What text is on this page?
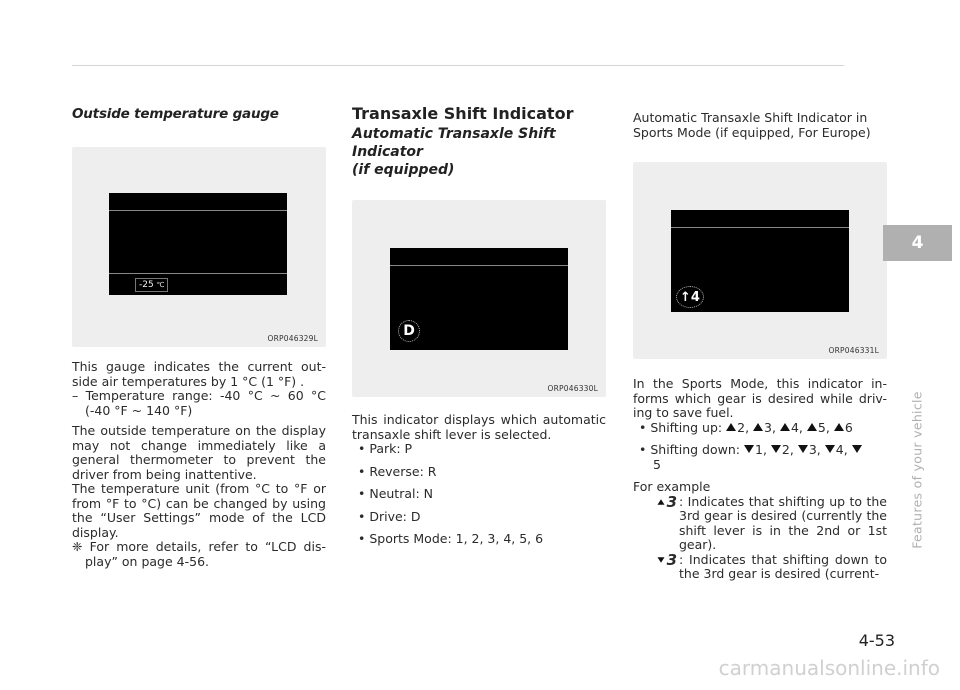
Outside temperature gauge
-25 ℃
ORP046329L

This gauge indicates the current out-side air temperatures by 1 °C (1 °F) .

– Temperature range: -40 °C ~ 60 °C (-40 °F ~ 140 °F)

The outside temperature on the display may not change immediately like a general thermometer to prevent the driver from being inattentive.

The temperature unit (from °C to °F or from °F to °C) can be changed by using the “User Settings” mode of the LCD display.

❈ For more details, refer to “LCD dis-play” on page 4-56.

Transaxle Shift Indicator
Automatic Transaxle Shift Indicator
(if equipped)
D
ORP046330L

This indicator displays which automatic transaxle shift lever is selected.

• Park: P

• Reverse: R

• Neutral: N

• Drive: D

• Sports Mode: 1, 2, 3, 4, 5, 6

Automatic Transaxle Shift Indicator in

Sports Mode (if equipped, For Europe)

↑4
ORP046331L

In the Sports Mode, this indicator in-forms which gear is desired while driv-ing to save fuel.

• Shifting up: 2, 3, 4, 5, 6

• Shifting down: 1, 2, 3, 4,
5

For example

3 : Indicates that shifting up to the 3rd gear is desired (currently the shift lever is in the 2nd or 1st gear).
3 : Indicates that shifting down to the 3rd gear is desired (current-
4
Features of your vehicle
4-53
carmanualsonline.info
